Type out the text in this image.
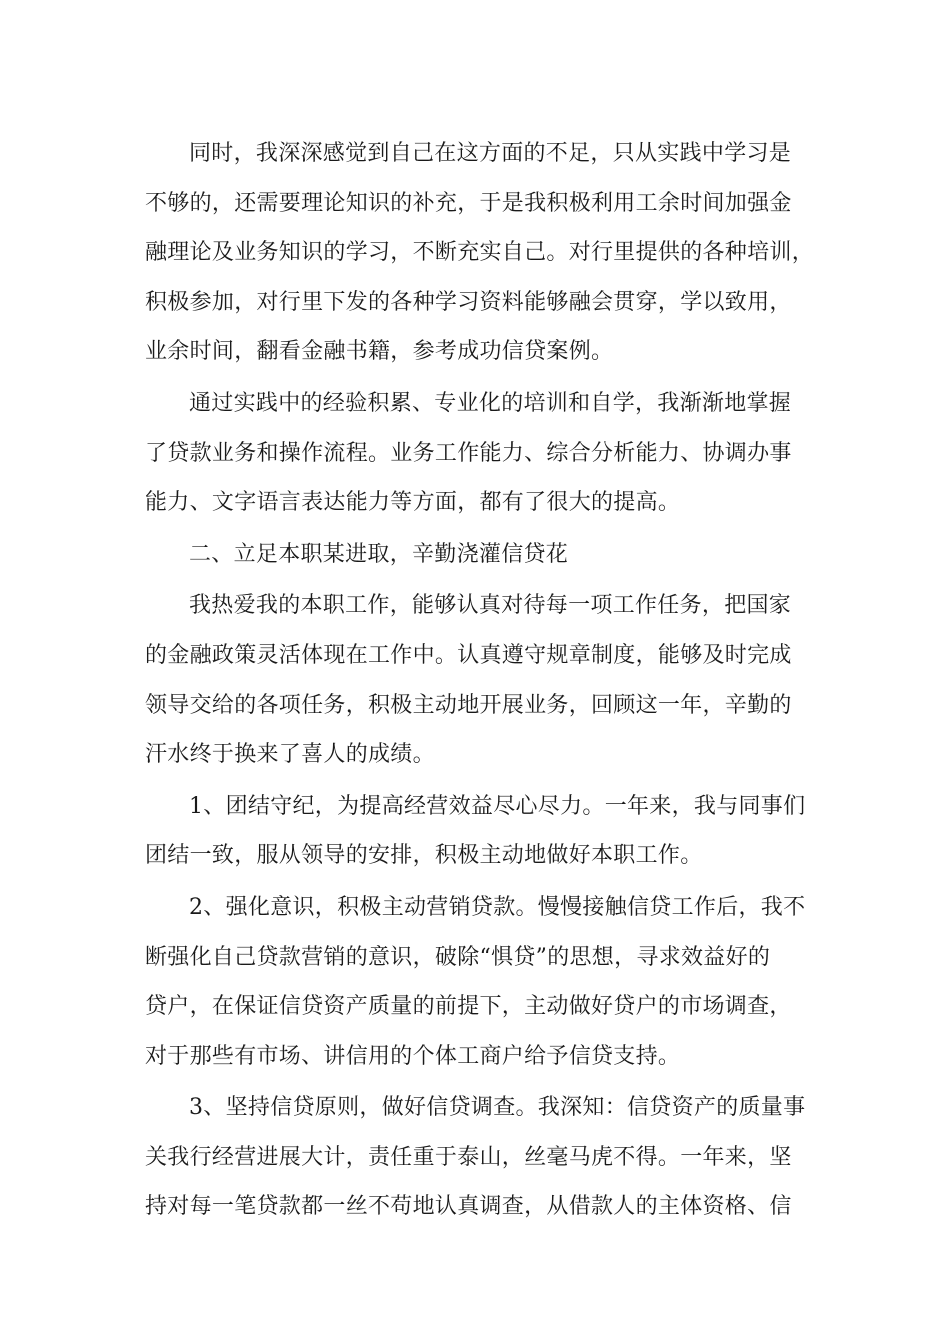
同时，我深深感觉到自己在这方面的不足，只从实践中学习是
不够的，还需要理论知识的补充，于是我积极利用工余时间加强金
融理论及业务知识的学习，不断充实自己。对行里提供的各种培训，
积极参加，对行里下发的各种学习资料能够融会贯穿，学以致用，
业余时间，翻看金融书籍，参考成功信贷案例。

通过实践中的经验积累、专业化的培训和自学，我渐渐地掌握
了贷款业务和操作流程。业务工作能力、综合分析能力、协调办事
能力、文字语言表达能力等方面，都有了很大的提高。

二、立足本职某进取，辛勤浇灌信贷花

我热爱我的本职工作，能够认真对待每一项工作任务，把国家
的金融政策灵活体现在工作中。认真遵守规章制度，能够及时完成
领导交给的各项任务，积极主动地开展业务，回顾这一年，辛勤的
汗水终于换来了喜人的成绩。

1、团结守纪，为提高经营效益尽心尽力。一年来，我与同事们
团结一致，服从领导的安排，积极主动地做好本职工作。

2、强化意识，积极主动营销贷款。慢慢接触信贷工作后，我不
断强化自己贷款营销的意识，破除“惧贷”的思想，寻求效益好的
贷户，在保证信贷资产质量的前提下，主动做好贷户的市场调查，
对于那些有市场、讲信用的个体工商户给予信贷支持。

3、坚持信贷原则，做好信贷调查。我深知：信贷资产的质量事
关我行经营进展大计，责任重于泰山，丝毫马虎不得。一年来，坚
持对每一笔贷款都一丝不苟地认真调查，从借款人的主体资格、信
